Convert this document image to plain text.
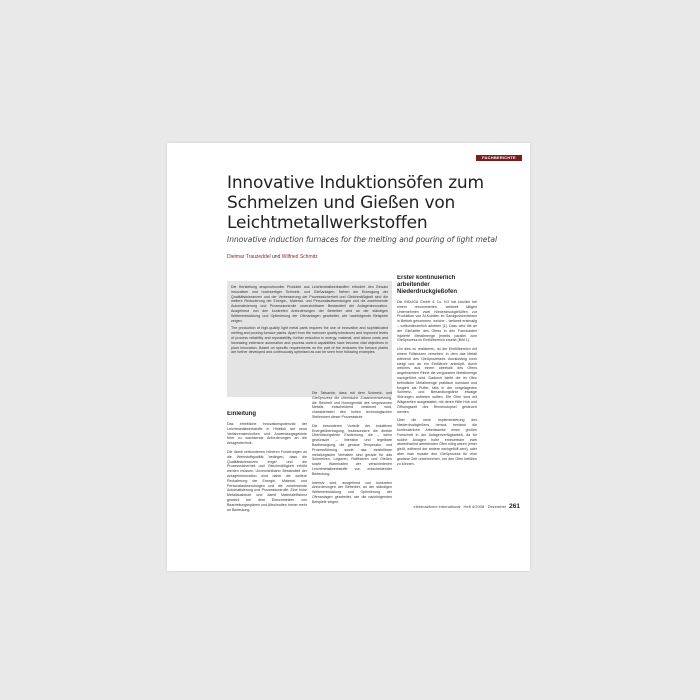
FACHBERICHTE
Innovative Induktionsöfen zum Schmelzen und Gießen von Leichtmetallwerkstoffen
Innovative induction furnaces for the melting and pouring of light metal
Dietmar Trauzeddel und Wilfried Schmitz

Die Herstellung anspruchsvoller Produkte aus Leichtmetallwerkstoffen erfordert den Einsatz innovativer und hochwertiger Schmelz- und Gießanlagen. Neben der Erzeugung der Qualitätstoleranzen und der Verbesserung der Prozesssicherheit und Gleichmäßigkeit sind die weitere Reduzierung der Energie-, Material- und Personalaufwendungen und die zunehmende Automatisierung und Prozesskontrolle unverzichtbarer Bestandteil der Anlageninnovation. Ausgehend von den konkreten Anforderungen der Betreiber wird an der ständigen Weiterentwicklung und Optimierung der Ofenanlagen gearbeitet, wie nachfolgende Beispiele zeigen.

The production of high-quality light metal parts requires the use of innovative and sophisticated melting and pouring furnace plants. Apart from the narrower quality tolerances and improved levels of process reliability and repeatability, further reduction in energy, material, and labour costs and increasing extensive automation and process control capabilities have become vital objectives in plant innovation. Based on specific requirements on the part of the endusers the furnace plants are further developed and continuously optimised as can be seen from following examples.

Einleitung

Das erhebliche Innovationspotenzial der Leichtmetallwerkstoffe in Hinblick auf neue Verfahrenstechniken und Anwendungsgebiete führt zu wachsende Anforderungen an die Anlagentechnik.

Die damit verbundenen höheren Forderungen an die Werkstoffqualität bedingen, dass die Qualitätstoleranzen enger und die Prozesssicherheit und Gleichmäßigkeit erhöht werden müssen. Unverzichtbarer Bestandteil der Anlageninnovation sind dabei die weitere Reduzierung der Energie-, Material- und Personalaufwendungen und die zunehmende Automatisierung und Prozesskontrolle. Eine hohe Metallausbeute und damit Materialeffizienz gewinnt bei dem Einschmelzen von Bearbeitungsspänen und Altschrotten immer mehr an Bedeutung.

Die Tatsache, dass mit dem Schmelz- und Gießprozess die chemische Zusammensetzung, die Reinheit und Homogenität des vergossenen Metalls entscheidend bestimmt wird, charakterisiert den hohen technologischen Stellenwert dieser Prozessstufe.

Die besonderen Vorteile der induktiven Energieübertragung, insbesondere die direkte Überhitzungsfreie Erwärmung, die – wenn gewünscht – intensive und regelbare Badbewegung, die genaue Temperatur- und Prozessführung sowie das einstellbare metallurgische Verhalten sind gerade für das Schmelzen, Legieren, Raffinieren und Gießen sowie Warmhalten der verschiedenen Leichtmetallwerkstoffe von entscheidender Bedeutung.

Intensiv wird, ausgehend von konkreten Anforderungen der Betreiber, an der ständigen Weiterentwicklung und Optimierung der Ofenanlagen gearbeitet, wie die nachfolgenden Beispiele zeigen.

Erster kontinuierlich arbeitender Niederdruckgießofen

Die INDUGA GmbH & Co. KG hat kürzlich bei einem renommierten, weltweit tätigen Unternehmen zwei Niederdruckgießöfen zur Produktion von Al-Kokillen im Sandgussverfahren in Betrieb genommen, welche – weltweit erstmalig – vollkontinuierlich arbeiten [1]. Dazu wird die an der Gießseite des Ofens in den Formkasten injizierte Metallmenge jeweils parallel zum Gießprozess im Einfüllbereich ersetzt (Bild 1).

Um dies zu realisieren, ist der Einfüllbereich mit einem Füllstutzen versehen, in dem das Metall während des Gießprozesses drucklosteig hoch steigt und an ein Einfüllrohr anknüpft, durch welches aus einem oberhalb des Ofens angebrachten Rinne die vergossene Metallmenge nachgeführt wird. Dadurch bleibt die im Ofen befindliche Metallmenge praktisch konstant und fungiert als Puffer, falls in der vorgelagerten Schmelz- und Behandlungslinie etwaige Störungen auftreten sollten. Die Öfen sind mit Wägezellen ausgestattet, mit deren Hilfe Hub und Öffnungszeit des Rinnenstopsel gesteuert werden.

Über die neue Implementierung des Niederdruckgießens heraus bestand die kontinuierliche Arbeitsweise einen großen Fortschritt in der Anlagenverfügbarkeit, da für solche Anlagen hohe erneuerbare zwei abwechselnd arbeitenden Öfen nötig waren (einer gießt, während der andere nachgefüllt wird), oder aber man musste den Gießprozess für eine gewisse Zeit unterbrechen, um den Ofen befüllen zu können.

elektrowärme international Heft 4/2008 · Dezember 261
